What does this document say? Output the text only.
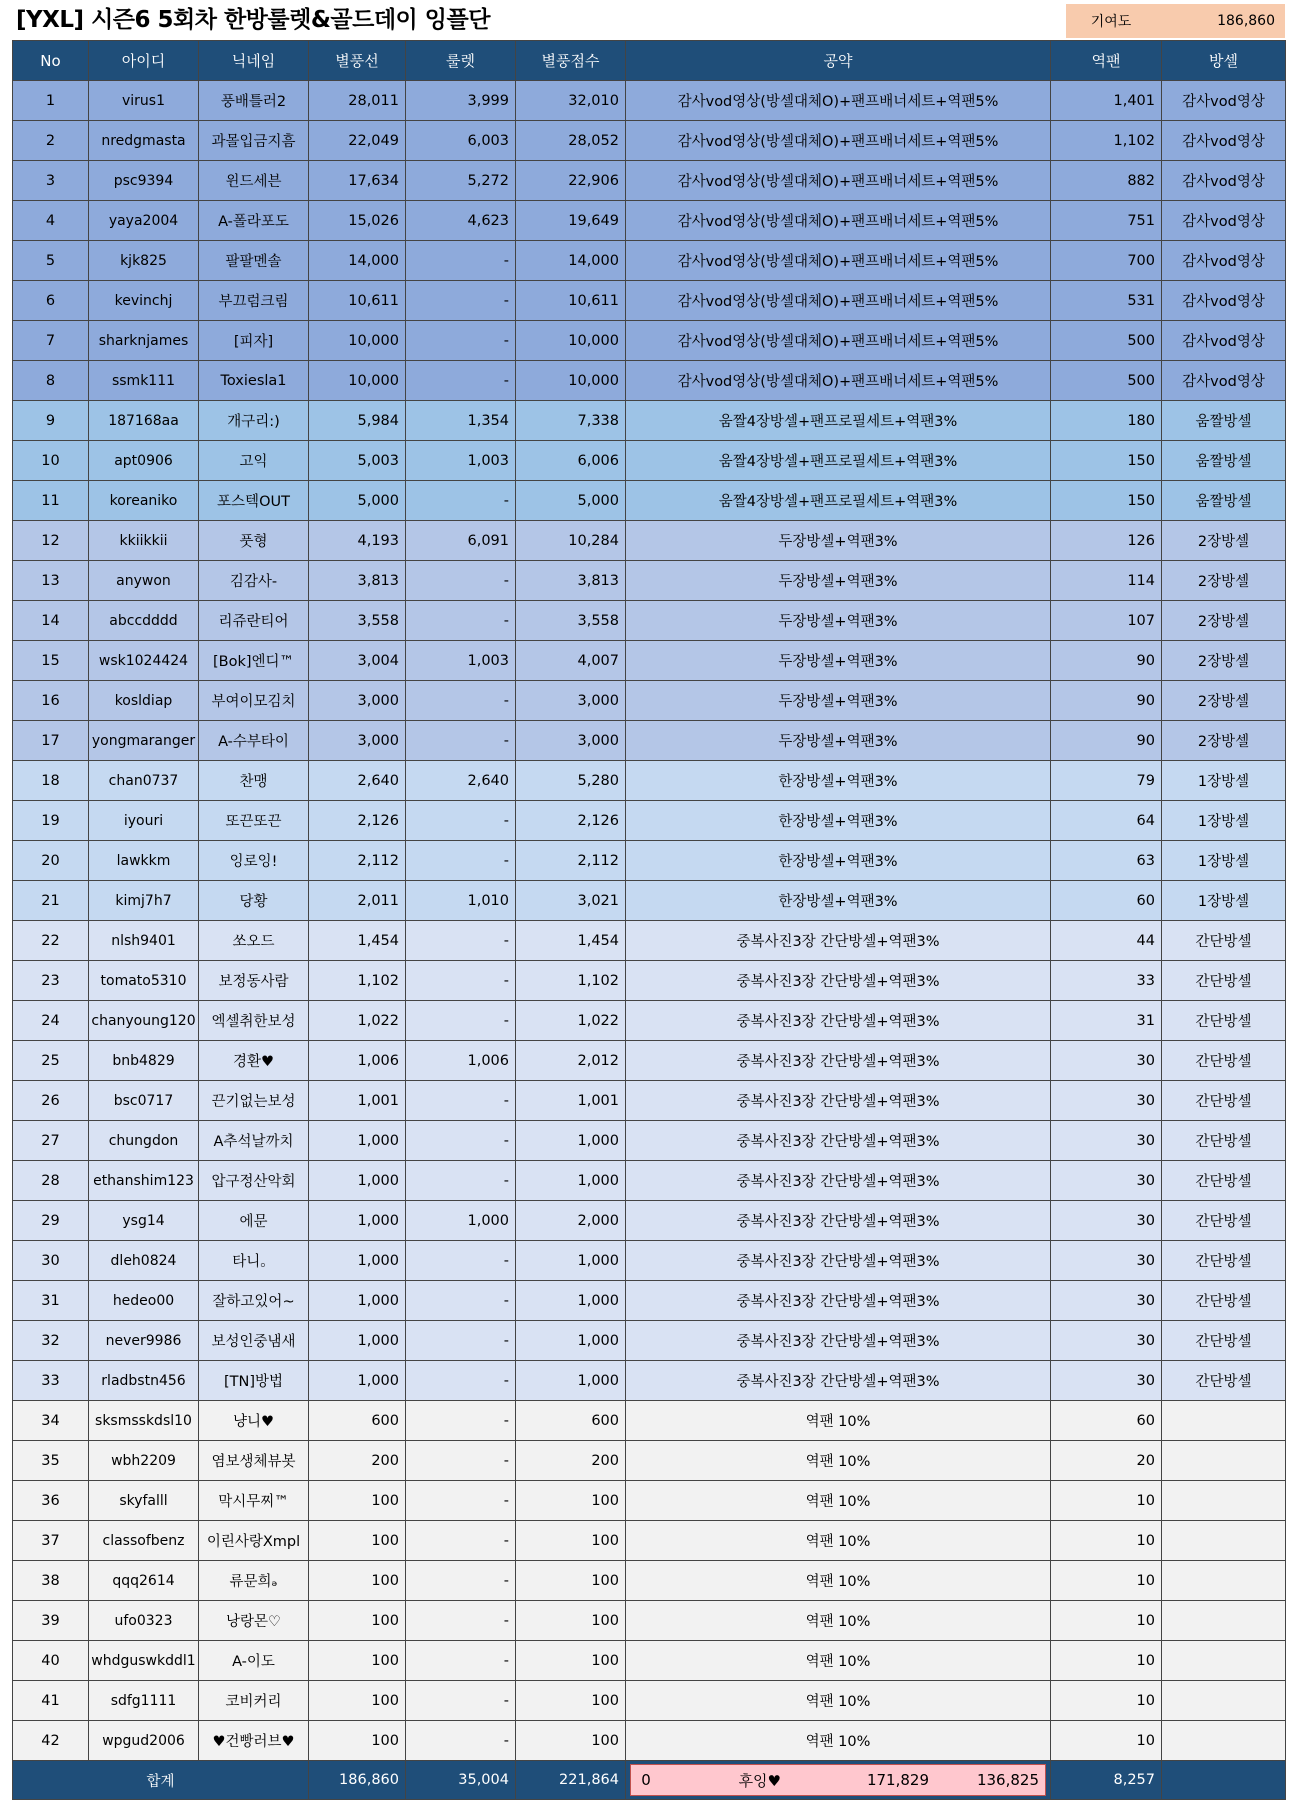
[YXL] 시즌6 5회차 한방룰렛&골드데이 잉플단	기여도	186,860
No	아이디	닉네임	별풍선	룰렛	별풍점수	공약	역팬	방셀
1	virus1	풍배틀러2	28,011	3,999	32,010	감사vod영상(방셀대체O)+팬프배너세트+역팬5%	1,401	감사vod영상
2	nredgmasta	과몰입금지흠	22,049	6,003	28,052	감사vod영상(방셀대체O)+팬프배너세트+역팬5%	1,102	감사vod영상
3	psc9394	윈드세븐	17,634	5,272	22,906	감사vod영상(방셀대체O)+팬프배너세트+역팬5%	882	감사vod영상
4	yaya2004	A-폴라포도	15,026	4,623	19,649	감사vod영상(방셀대체O)+팬프배너세트+역팬5%	751	감사vod영상
5	kjk825	팔팔멘솔	14,000	-	14,000	감사vod영상(방셀대체O)+팬프배너세트+역팬5%	700	감사vod영상
6	kevinchj	부끄럼크림	10,611	-	10,611	감사vod영상(방셀대체O)+팬프배너세트+역팬5%	531	감사vod영상
7	sharknjames	[피자]	10,000	-	10,000	감사vod영상(방셀대체O)+팬프배너세트+역팬5%	500	감사vod영상
8	ssmk111	Toxiesla1	10,000	-	10,000	감사vod영상(방셀대체O)+팬프배너세트+역팬5%	500	감사vod영상
9	187168aa	개구리:)	5,984	1,354	7,338	움짤4장방셀+팬프로필세트+역팬3%	180	움짤방셀
10	apt0906	고익	5,003	1,003	6,006	움짤4장방셀+팬프로필세트+역팬3%	150	움짤방셀
11	koreaniko	포스텍OUT	5,000	-	5,000	움짤4장방셀+팬프로필세트+역팬3%	150	움짤방셀
12	kkiikkii	풋형	4,193	6,091	10,284	두장방셀+역팬3%	126	2장방셀
13	anywon	김감사-	3,813	-	3,813	두장방셀+역팬3%	114	2장방셀
14	abccdddd	리쥬란티어	3,558	-	3,558	두장방셀+역팬3%	107	2장방셀
15	wsk1024424	[Bok]엔디™	3,004	1,003	4,007	두장방셀+역팬3%	90	2장방셀
16	kosldiap	부여이모김치	3,000	-	3,000	두장방셀+역팬3%	90	2장방셀
17	yongmaranger	A-수부타이	3,000	-	3,000	두장방셀+역팬3%	90	2장방셀
18	chan0737	찬맹	2,640	2,640	5,280	한장방셀+역팬3%	79	1장방셀
19	iyouri	또끈또끈	2,126	-	2,126	한장방셀+역팬3%	64	1장방셀
20	lawkkm	잉로잉!	2,112	-	2,112	한장방셀+역팬3%	63	1장방셀
21	kimj7h7	당황	2,011	1,010	3,021	한장방셀+역팬3%	60	1장방셀
22	nlsh9401	쏘오드	1,454	-	1,454	중복사진3장 간단방셀+역팬3%	44	간단방셀
23	tomato5310	보정동사람	1,102	-	1,102	중복사진3장 간단방셀+역팬3%	33	간단방셀
24	chanyoung120	엑셀취한보성	1,022	-	1,022	중복사진3장 간단방셀+역팬3%	31	간단방셀
25	bnb4829	경환♥	1,006	1,006	2,012	중복사진3장 간단방셀+역팬3%	30	간단방셀
26	bsc0717	끈기없는보성	1,001	-	1,001	중복사진3장 간단방셀+역팬3%	30	간단방셀
27	chungdon	A추석날까치	1,000	-	1,000	중복사진3장 간단방셀+역팬3%	30	간단방셀
28	ethanshim123	압구정산악회	1,000	-	1,000	중복사진3장 간단방셀+역팬3%	30	간단방셀
29	ysg14	에문	1,000	1,000	2,000	중복사진3장 간단방셀+역팬3%	30	간단방셀
30	dleh0824	타니。	1,000	-	1,000	중복사진3장 간단방셀+역팬3%	30	간단방셀
31	hedeo00	잘하고있어~	1,000	-	1,000	중복사진3장 간단방셀+역팬3%	30	간단방셀
32	never9986	보성인중냄새	1,000	-	1,000	중복사진3장 간단방셀+역팬3%	30	간단방셀
33	rladbstn456	[TN]방법	1,000	-	1,000	중복사진3장 간단방셀+역팬3%	30	간단방셀
34	sksmsskdsl10	냥니♥	600	-	600	역팬 10%	60	
35	wbh2209	염보생체뷰봇	200	-	200	역팬 10%	20	
36	skyfalll	막시무찌™	100	-	100	역팬 10%	10	
37	classofbenz	이린사랑Xmpl	100	-	100	역팬 10%	10	
38	qqq2614	류문희ₔ	100	-	100	역팬 10%	10	
39	ufo0323	낭랑몬♡	100	-	100	역팬 10%	10	
40	whdguswkddl1	A-이도	100	-	100	역팬 10%	10	
41	sdfg1111	코비커리	100	-	100	역팬 10%	10	
42	wpgud2006	♥건빵러브♥	100	-	100	역팬 10%	10	
합계			186,860	35,004	221,864	0 후잉♥ 171,829 136,825	8,257	
